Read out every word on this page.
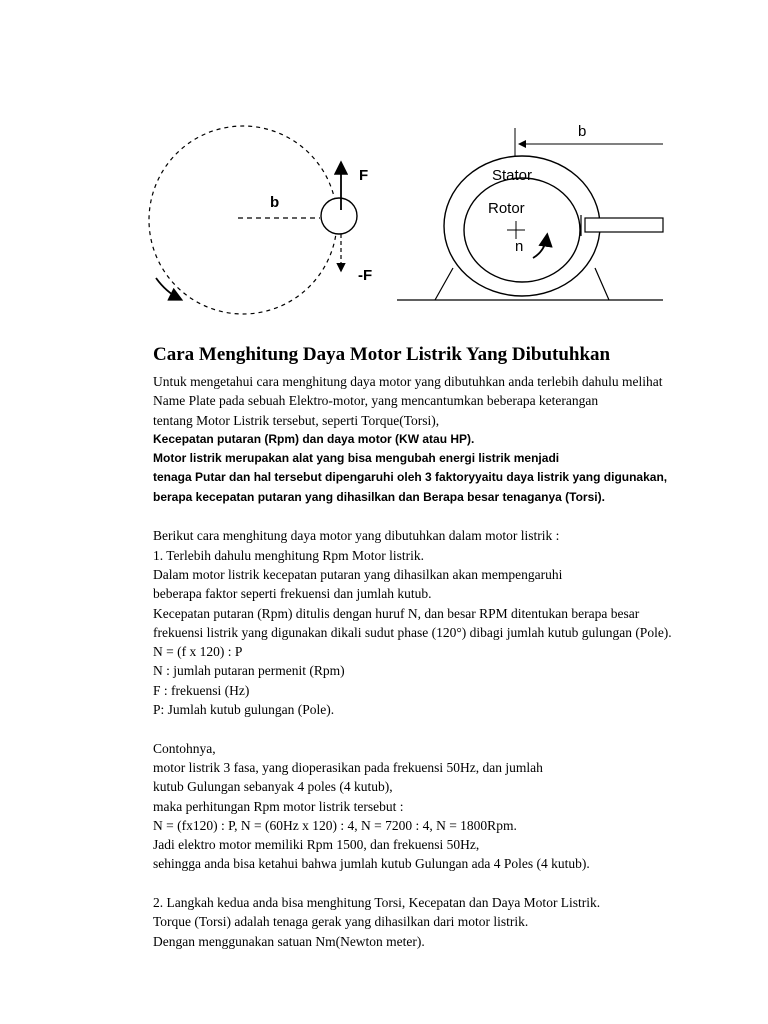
b
F
-F
b
Stator
Rotor
n
Cara Menghitung Daya Motor Listrik Yang Dibutuhkan
Untuk mengetahui cara menghitung daya motor yang dibutuhkan anda terlebih dahulu melihat
Name Plate pada sebuah Elektro-motor, yang mencantumkan beberapa keterangan
tentang Motor Listrik tersebut, seperti Torque(Torsi),
Kecepatan putaran (Rpm) dan daya motor (KW atau HP).
Motor listrik merupakan alat yang bisa mengubah energi listrik menjadi
tenaga Putar dan hal tersebut dipengaruhi oleh 3 faktoryyaitu daya listrik yang digunakan,
berapa kecepatan putaran yang dihasilkan dan Berapa besar tenaganya (Torsi).
Berikut cara menghitung daya motor yang dibutuhkan dalam motor listrik :
1. Terlebih dahulu menghitung Rpm Motor listrik.
Dalam motor listrik kecepatan putaran yang dihasilkan akan mempengaruhi
beberapa faktor seperti frekuensi dan jumlah kutub.
Kecepatan putaran (Rpm) ditulis dengan huruf N, dan besar RPM ditentukan berapa besar
frekuensi listrik yang digunakan dikali sudut phase (120°) dibagi jumlah kutub gulungan (Pole).
N = (f x 120) : P
N : jumlah putaran permenit (Rpm)
F : frekuensi (Hz)
P: Jumlah kutub gulungan (Pole).
Contohnya,
motor listrik 3 fasa, yang dioperasikan pada frekuensi 50Hz, dan jumlah
kutub Gulungan sebanyak 4 poles (4 kutub),
maka perhitungan Rpm motor listrik tersebut :
N = (fx120) : P, N = (60Hz x 120) : 4, N = 7200 : 4, N = 1800Rpm.
Jadi elektro motor memiliki Rpm 1500, dan frekuensi 50Hz,
sehingga anda bisa ketahui bahwa jumlah kutub Gulungan ada 4 Poles (4 kutub).
2. Langkah kedua anda bisa menghitung Torsi, Kecepatan dan Daya Motor Listrik.
Torque (Torsi) adalah tenaga gerak yang dihasilkan dari motor listrik.
Dengan menggunakan satuan Nm(Newton meter).
